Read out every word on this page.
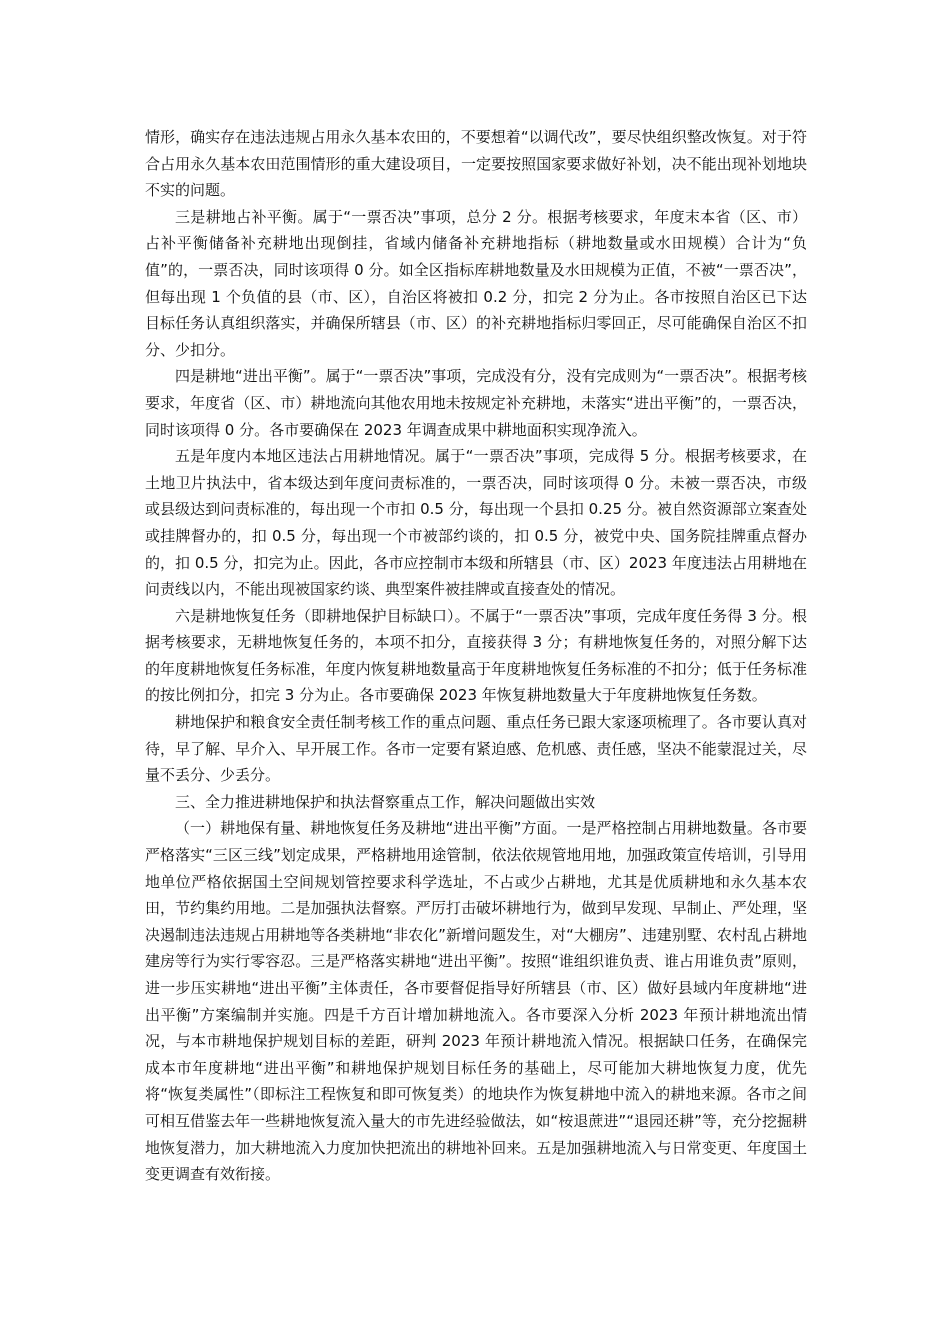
情形，确实存在违法违规占用永久基本农田的，不要想着“以调代改”，要尽快组织整改恢复。对于符合占用永久基本农田范围情形的重大建设项目，一定要按照国家要求做好补划，决不能出现补划地块不实的问题。

三是耕地占补平衡。属于“一票否决”事项，总分 2 分。根据考核要求，年度末本省（区、市）占补平衡储备补充耕地出现倒挂，省域内储备补充耕地指标（耕地数量或水田规模）合计为“负值”的，一票否决，同时该项得 0 分。如全区指标库耕地数量及水田规模为正值，不被“一票否决”，但每出现 1 个负值的县（市、区），自治区将被扣 0.2 分，扣完 2 分为止。各市按照自治区已下达目标任务认真组织落实，并确保所辖县（市、区）的补充耕地指标归零回正，尽可能确保自治区不扣分、少扣分。

四是耕地“进出平衡”。属于“一票否决”事项，完成没有分，没有完成则为“一票否决”。根据考核要求，年度省（区、市）耕地流向其他农用地未按规定补充耕地，未落实“进出平衡”的，一票否决，同时该项得 0 分。各市要确保在 2023 年调查成果中耕地面积实现净流入。

五是年度内本地区违法占用耕地情况。属于“一票否决”事项，完成得 5 分。根据考核要求，在土地卫片执法中，省本级达到年度问责标准的，一票否决，同时该项得 0 分。未被一票否决，市级或县级达到问责标准的，每出现一个市扣 0.5 分，每出现一个县扣 0.25 分。被自然资源部立案查处或挂牌督办的，扣 0.5 分，每出现一个市被部约谈的，扣 0.5 分，被党中央、国务院挂牌重点督办的，扣 0.5 分，扣完为止。因此，各市应控制市本级和所辖县（市、区）2023 年度违法占用耕地在问责线以内，不能出现被国家约谈、典型案件被挂牌或直接查处的情况。

六是耕地恢复任务（即耕地保护目标缺口）。不属于“一票否决”事项，完成年度任务得 3 分。根据考核要求，无耕地恢复任务的，本项不扣分，直接获得 3 分；有耕地恢复任务的，对照分解下达的年度耕地恢复任务标准，年度内恢复耕地数量高于年度耕地恢复任务标准的不扣分；低于任务标准的按比例扣分，扣完 3 分为止。各市要确保 2023 年恢复耕地数量大于年度耕地恢复任务数。

耕地保护和粮食安全责任制考核工作的重点问题、重点任务已跟大家逐项梳理了。各市要认真对待，早了解、早介入、早开展工作。各市一定要有紧迫感、危机感、责任感，坚决不能蒙混过关，尽量不丢分、少丢分。

三、全力推进耕地保护和执法督察重点工作，解决问题做出实效

（一）耕地保有量、耕地恢复任务及耕地“进出平衡”方面。一是严格控制占用耕地数量。各市要严格落实“三区三线”划定成果，严格耕地用途管制，依法依规管地用地，加强政策宣传培训，引导用地单位严格依据国土空间规划管控要求科学选址，不占或少占耕地，尤其是优质耕地和永久基本农田，节约集约用地。二是加强执法督察。严厉打击破坏耕地行为，做到早发现、早制止、严处理，坚决遏制违法违规占用耕地等各类耕地“非农化”新增问题发生，对“大棚房”、违建别墅、农村乱占耕地建房等行为实行零容忍。三是严格落实耕地“进出平衡”。按照“谁组织谁负责、谁占用谁负责”原则，进一步压实耕地“进出平衡”主体责任，各市要督促指导好所辖县（市、区）做好县域内年度耕地“进出平衡”方案编制并实施。四是千方百计增加耕地流入。各市要深入分析 2023 年预计耕地流出情况，与本市耕地保护规划目标的差距，研判 2023 年预计耕地流入情况。根据缺口任务，在确保完成本市年度耕地“进出平衡”和耕地保护规划目标任务的基础上，尽可能加大耕地恢复力度，优先将“恢复类属性”（即标注工程恢复和即可恢复类）的地块作为恢复耕地中流入的耕地来源。各市之间可相互借鉴去年一些耕地恢复流入量大的市先进经验做法，如“桉退蔗进”“退园还耕”等，充分挖掘耕地恢复潜力，加大耕地流入力度加快把流出的耕地补回来。五是加强耕地流入与日常变更、年度国土变更调查有效衔接。
